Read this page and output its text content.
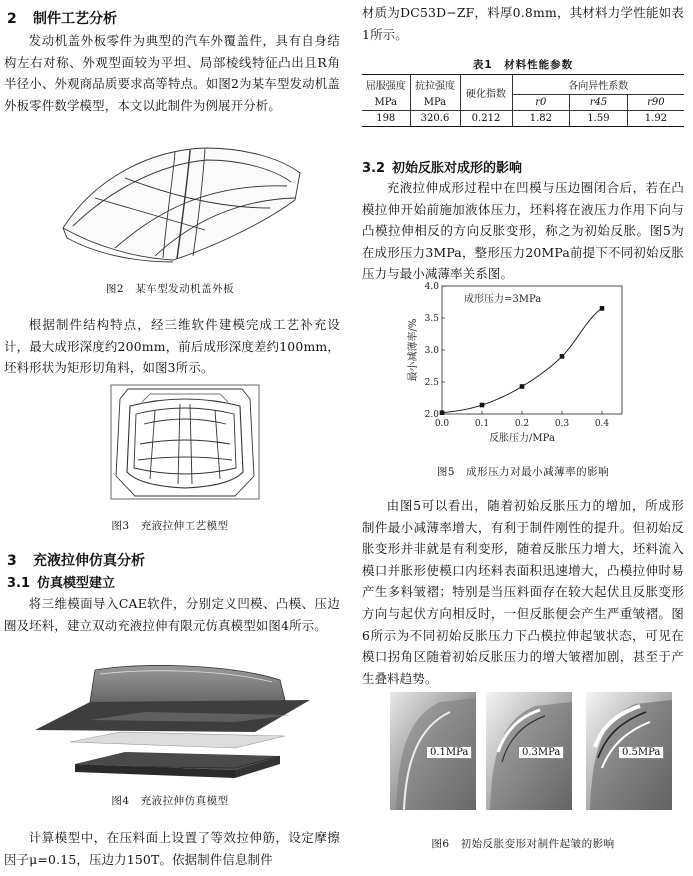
2 制件工艺分析

发动机盖外板零件为典型的汽车外覆盖件，具有自身结构左右对称、外观型面较为平坦、局部棱线特征凸出且R角半径小、外观商品质要求高等特点。如图2为某车型发动机盖外板零件数学模型，本文以此制件为例展开分析。

图2　某车型发动机盖外板

根据制件结构特点，经三维软件建模完成工艺补充设计，最大成形深度约200mm，前后成形深度差约100mm，坯料形状为矩形切角料，如图3所示。

图3　充液拉伸工艺模型
3 充液拉伸仿真分析
3.1 仿真模型建立

将三维模面导入CAE软件，分别定义凹模、凸模、压边圈及坯料，建立双动充液拉伸有限元仿真模型如图4所示。

图4　充液拉伸仿真模型

计算模型中，在压料面上设置了等效拉伸筋，设定摩擦因子μ=0.15，压边力150T。依据制件信息制件

材质为DC53D−ZF，料厚0.8mm，其材料力学性能如表1所示。

表1　材料性能参数
屈服强度	抗拉强度	硬化指数	各向异性系数		
MPa	MPa		r0	r45	r90
198	320.6	0.212	1.82	1.59	1.92
3.2 初始反胀对成形的影响

充液拉伸成形过程中在凹模与压边圈闭合后，若在凸模拉伸开始前施加液体压力，坯料将在液压力作用下向与凸模拉伸相反的方向反胀变形，称之为初始反胀。图5为在成形压力3MPa，整形压力20MPa前提下不同初始反胀压力与最小减薄率关系图。

0.0	0.1	0.2	0.3	0.4
2.0
2.5
3.0
3.5
4.0
成形压力=3MPa
最小减薄率/%
反胀压力/MPa
图5　成形压力对最小减薄率的影响

由图5可以看出，随着初始反胀压力的增加，所成形制件最小减薄率增大，有利于制件刚性的提升。但初始反胀变形并非就是有利变形，随着反胀压力增大，坯料流入模口并胀形使模口内坯料表面积迅速增大，凸模拉伸时易产生多料皱褶；特别是当压料面存在较大起伏且反胀变形方向与起伏方向相反时，一但反胀便会产生严重皱褶。图6所示为不同初始反胀压力下凸模拉伸起皱状态，可见在模口拐角区随着初始反胀压力的增大皱褶加剧，甚至于产生叠料趋势。

0.1MPa	0.3MPa	0.5MPa
图6　初始反胀变形对制件起皱的影响
